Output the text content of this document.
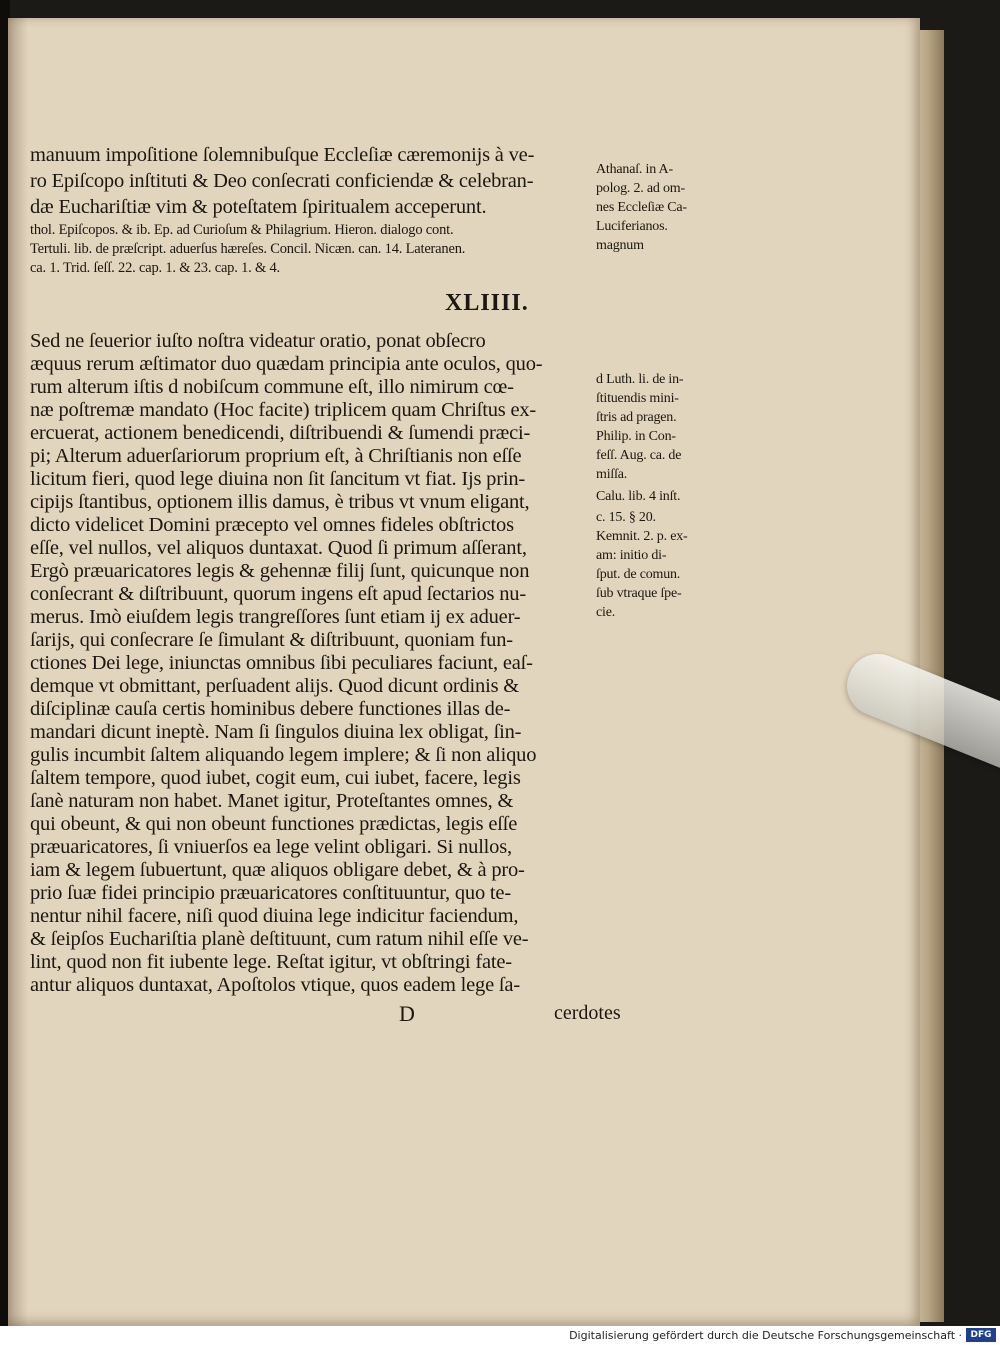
manuum impoſitione ſolemnibuſque Eccleſiæ cæremonijs à ve-

ro Epiſcopo inſtituti & Deo conſecrati conficiendæ & celebran-

dæ Euchariſtiæ vim & poteſtatem ſpiritualem acceperunt.

thol. Epiſcopos. & ib. Ep. ad Curioſum & Philagrium. Hieron. dialogo cont.

Tertuli. lib. de præſcript. aduerſus hæreſes. Concil. Nicæn. can. 14. Lateranen.

ca. 1. Trid. ſeſſ. 22. cap. 1. & 23. cap. 1. & 4.

Athanaſ. in A-

polog. 2. ad om-

nes Eccleſiæ Ca-

Luciferianos.

magnum

XLIIII.

Sed ne ſeuerior iuſto noſtra videatur oratio, ponat obſecro

æquus rerum æſtimator duo quædam principia ante oculos, quo-

rum alterum iſtis d nobiſcum commune eſt, illo nimirum cœ-

næ poſtremæ mandato (Hoc facite) triplicem quam Chriſtus ex-

ercuerat, actionem benedicendi, diſtribuendi & ſumendi præci-

pi; Alterum aduerſariorum proprium eſt, à Chriſtianis non eſſe

licitum fieri, quod lege diuina non ſit ſancitum vt fiat. Ijs prin-

cipijs ſtantibus, optionem illis damus, è tribus vt vnum eligant,

dicto videlicet Domini præcepto vel omnes fideles obſtrictos

eſſe, vel nullos, vel aliquos duntaxat. Quod ſi primum aſſerant,

Ergò præuaricatores legis & gehennæ filij ſunt, quicunque non

conſecrant & diſtribuunt, quorum ingens eſt apud ſectarios nu-

merus. Imò eiuſdem legis trangreſſores ſunt etiam ij ex aduer-

ſarijs, qui conſecrare ſe ſimulant & diſtribuunt, quoniam fun-

ctiones Dei lege, iniunctas omnibus ſibi peculiares faciunt, eaſ-

demque vt obmittant, perſuadent alijs. Quod dicunt ordinis &

diſciplinæ cauſa certis hominibus debere functiones illas de-

mandari dicunt ineptè. Nam ſi ſingulos diuina lex obligat, ſin-

gulis incumbit ſaltem aliquando legem implere; & ſi non aliquo

ſaltem tempore, quod iubet, cogit eum, cui iubet, facere, legis

ſanè naturam non habet. Manet igitur, Proteſtantes omnes, &

qui obeunt, & qui non obeunt functiones prædictas, legis eſſe

præuaricatores, ſi vniuerſos ea lege velint obligari. Si nullos,

iam & legem ſubuertunt, quæ aliquos obligare debet, & à pro-

prio ſuæ fidei principio præuaricatores conſtituuntur, quo te-

nentur nihil facere, niſi quod diuina lege indicitur faciendum,

& ſeipſos Euchariſtia planè deſtituunt, cum ratum nihil eſſe ve-

lint, quod non fit iubente lege. Reſtat igitur, vt obſtringi fate-

antur aliquos duntaxat, Apoſtolos vtique, quos eadem lege ſa-

d Luth. li. de in-

ſtituendis mini-

ſtris ad pragen.

Philip. in Con-

feſſ. Aug. ca. de

miſſa.

Calu. lib. 4 inſt.

c. 15. § 20.

Kemnit. 2. p. ex-

am: initio di-

ſput. de comun.

ſub vtraque ſpe-

cie.

D	cerdotes

Digitalisierung gefördert durch die Deutsche Forschungsgemeinschaft · DFG
